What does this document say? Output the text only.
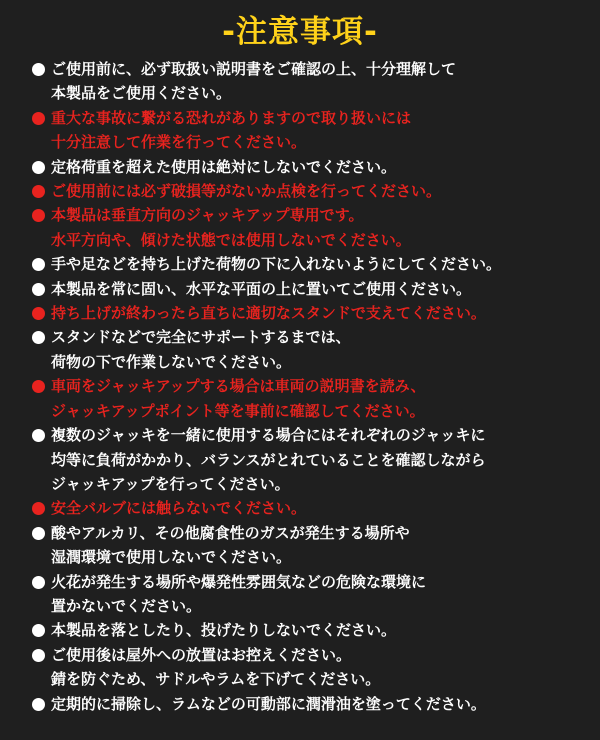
-注意事項-
ご使用前に、必ず取扱い説明書をご確認の上、十分理解して
本製品をご使用ください。
重大な事故に繋がる恐れがありますので取り扱いには
十分注意して作業を行ってください。
定格荷重を超えた使用は絶対にしないでください。
ご使用前には必ず破損等がないか点検を行ってください。
本製品は垂直方向のジャッキアップ専用です。
水平方向や、傾けた状態では使用しないでください。
手や足などを持ち上げた荷物の下に入れないようにしてください。
本製品を常に固い、水平な平面の上に置いてご使用ください。
持ち上げが終わったら直ちに適切なスタンドで支えてください。
スタンドなどで完全にサポートするまでは、
荷物の下で作業しないでください。
車両をジャッキアップする場合は車両の説明書を読み、
ジャッキアップポイント等を事前に確認してください。
複数のジャッキを一緒に使用する場合にはそれぞれのジャッキに
均等に負荷がかかり、バランスがとれていることを確認しながら
ジャッキアップを行ってください。
安全バルブには触らないでください。
酸やアルカリ、その他腐食性のガスが発生する場所や
湿潤環境で使用しないでください。
火花が発生する場所や爆発性雰囲気などの危険な環境に
置かないでください。
本製品を落としたり、投げたりしないでください。
ご使用後は屋外への放置はお控えください。
錆を防ぐため、サドルやラムを下げてください。
定期的に掃除し、ラムなどの可動部に潤滑油を塗ってください。
